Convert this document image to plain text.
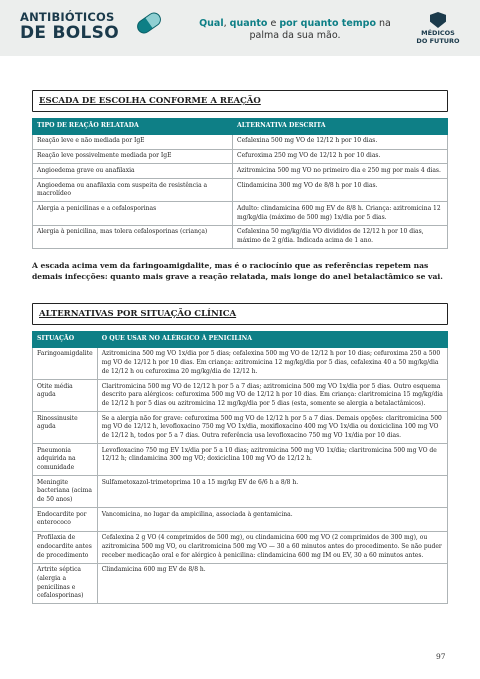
ANTIBIÓTICOS
DE BOLSO	Qual, quanto e por quanto tempo na
palma da sua mão.	MÉDICOS
DO FUTURO
ESCADA DE ESCOLHA CONFORME A REAÇÃO
TIPO DE REAÇÃO RELATADA	ALTERNATIVA DESCRITA
Reação leve e não mediada por IgE	Cefalexina 500 mg VO de 12/12 h por 10 dias.
Reação leve possivelmente mediada por IgE	Cefuroxima 250 mg VO de 12/12 h por 10 dias.
Angioedema grave ou anafilaxia	Azitromicina 500 mg VO no primeiro dia e 250 mg por mais 4 dias.
Angioedema ou anafilaxia com suspeita de resistência a macrolídeo	Clindamicina 300 mg VO de 8/8 h por 10 dias.
Alergia a penicilinas e a cefalosporinas	Adulto: clindamicina 600 mg EV de 8/8 h. Criança: azitromicina 12 mg/kg/dia (máximo de 500 mg) 1x/dia por 5 dias.
Alergia à penicilina, mas tolera cefalosporinas (criança)	Cefalexina 50 mg/kg/dia VO divididos de 12/12 h por 10 dias, máximo de 2 g/dia. Indicada acima de 1 ano.

A escada acima vem da faringoamigdalite, mas é o raciocínio que as referências repetem nas demais infecções: quanto mais grave a reação relatada, mais longe do anel betalactâmico se vai.

ALTERNATIVAS POR SITUAÇÃO CLÍNICA
SITUAÇÃO	O QUE USAR NO ALÉRGICO À PENICILINA
Faringoamigdalite	Azitromicina 500 mg VO 1x/dia por 5 dias; cefalexina 500 mg VO de 12/12 h por 10 dias; cefuroxima 250 a 500 mg VO de 12/12 h por 10 dias. Em criança: azitromicina 12 mg/kg/dia por 5 dias, cefalexina 40 a 50 mg/kg/dia de 12/12 h ou cefuroxima 20 mg/kg/dia de 12/12 h.
Otite média aguda	Claritromicina 500 mg VO de 12/12 h por 5 a 7 dias; azitromicina 500 mg VO 1x/dia por 5 dias. Outro esquema descrito para alérgicos: cefuroxima 500 mg VO de 12/12 h por 10 dias. Em criança: claritromicina 15 mg/kg/dia de 12/12 h por 5 dias ou azitromicina 12 mg/kg/dia por 5 dias (esta, somente se alergia a betalactâmicos).
Rinossinusite aguda	Se a alergia não for grave: cefuroxima 500 mg VO de 12/12 h por 5 a 7 dias. Demais opções: claritromicina 500 mg VO de 12/12 h, levofloxacino 750 mg VO 1x/dia, moxifloxacino 400 mg VO 1x/dia ou doxiciclina 100 mg VO de 12/12 h, todos por 5 a 7 dias. Outra referência usa levofloxacino 750 mg VO 1x/dia por 10 dias.
Pneumonia adquirida na comunidade	Levofloxacino 750 mg EV 1x/dia por 5 a 10 dias; azitromicina 500 mg VO 1x/dia; claritromicina 500 mg VO de 12/12 h; clindamicina 300 mg VO; doxiciclina 100 mg VO de 12/12 h.
Meningite bacteriana (acima de 50 anos)	Sulfametoxazol-trimetoprima 10 a 15 mg/kg EV de 6/6 h a 8/8 h.
Endocardite por enterococo	Vancomicina, no lugar da ampicilina, associada à gentamicina.
Profilaxia de endocardite antes de procedimento	Cefalexina 2 g VO (4 comprimidos de 500 mg), ou clindamicina 600 mg VO (2 comprimidos de 300 mg), ou azitromicina 500 mg VO, ou claritromicina 500 mg VO — 30 a 60 minutos antes do procedimento. Se não puder receber medicação oral e for alérgico à penicilina: clindamicina 600 mg IM ou EV, 30 a 60 minutos antes.
Artrite séptica (alergia a penicilinas e cefalosporinas)	Clindamicina 600 mg EV de 8/8 h.
97
